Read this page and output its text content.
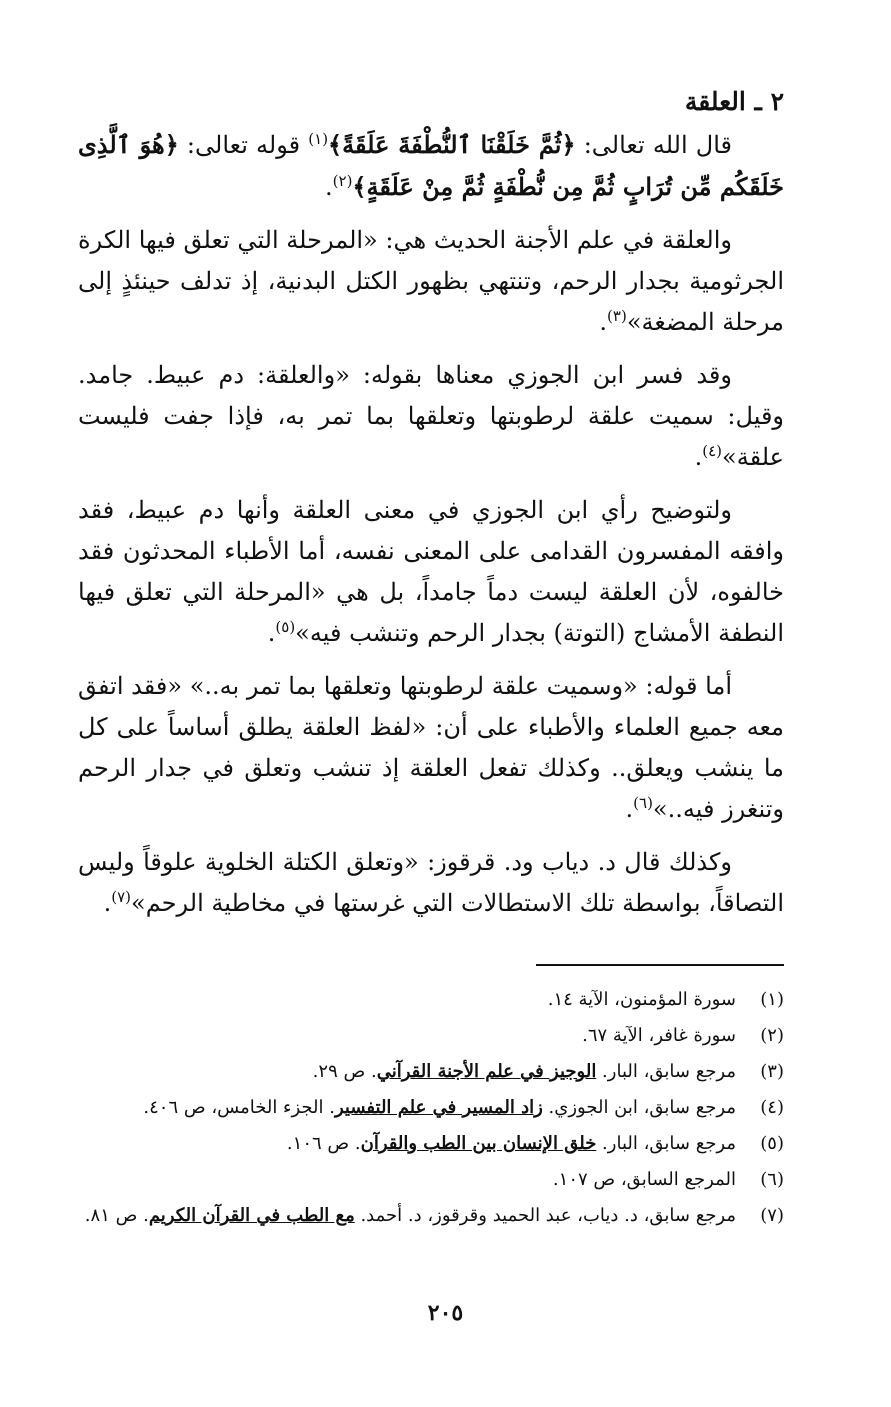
٢ ـ العلقة

قال الله تعالى: ﴿ثُمَّ خَلَقْنَا ٱلنُّطْفَةَ عَلَقَةً﴾$^{(١)}$ قوله تعالى: ﴿هُوَ ٱلَّذِى خَلَقَكُم مِّن تُرَابٍ ثُمَّ مِن نُّطْفَةٍ ثُمَّ مِنْ عَلَقَةٍ﴾$^{(٢)}$.

والعلقة في علم الأجنة الحديث هي: «المرحلة التي تعلق فيها الكرة الجرثومية بجدار الرحم، وتنتهي بظهور الكتل البدنية، إذ تدلف حينئذٍ إلى مرحلة المضغة»$^{(٣)}$.

وقد فسر ابن الجوزي معناها بقوله: «والعلقة: دم عبيط. جامد. وقيل: سميت علقة لرطوبتها وتعلقها بما تمر به، فإذا جفت فليست علقة»$^{(٤)}$.

ولتوضيح رأي ابن الجوزي في معنى العلقة وأنها دم عبيط، فقد وافقه المفسرون القدامى على المعنى نفسه، أما الأطباء المحدثون فقد خالفوه، لأن العلقة ليست دماً جامداً، بل هي «المرحلة التي تعلق فيها النطفة الأمشاج (التوتة) بجدار الرحم وتنشب فيه»$^{(٥)}$.

أما قوله: «وسميت علقة لرطوبتها وتعلقها بما تمر به..» «فقد اتفق معه جميع العلماء والأطباء على أن: «لفظ العلقة يطلق أساساً على كل ما ينشب ويعلق.. وكذلك تفعل العلقة إذ تنشب وتعلق في جدار الرحم وتنغرز فيه..»$^{(٦)}$.

وكذلك قال د. دياب ود. قرقوز: «وتعلق الكتلة الخلوية علوقاً وليس التصاقاً، بواسطة تلك الاستطالات التي غرستها في مخاطية الرحم»$^{(٧)}$.

(١)
سورة المؤمنون، الآية ١٤.
(٢)
سورة غافر، الآية ٦٧.
(٣)
مرجع سابق، البار. الوجيز في علم الأجنة القرآني. ص ٢٩.
(٤)
مرجع سابق، ابن الجوزي. زاد المسير في علم التفسير. الجزء الخامس، ص ٤٠٦.
(٥)
مرجع سابق، البار. خلق الإنسان بين الطب والقرآن. ص ١٠٦.
(٦)
المرجع السابق، ص ١٠٧.
(٧)
مرجع سابق، د. دياب، عبد الحميد وقرقوز، د. أحمد. مع الطب في القرآن الكريم. ص ٨١.
٢٠٥
